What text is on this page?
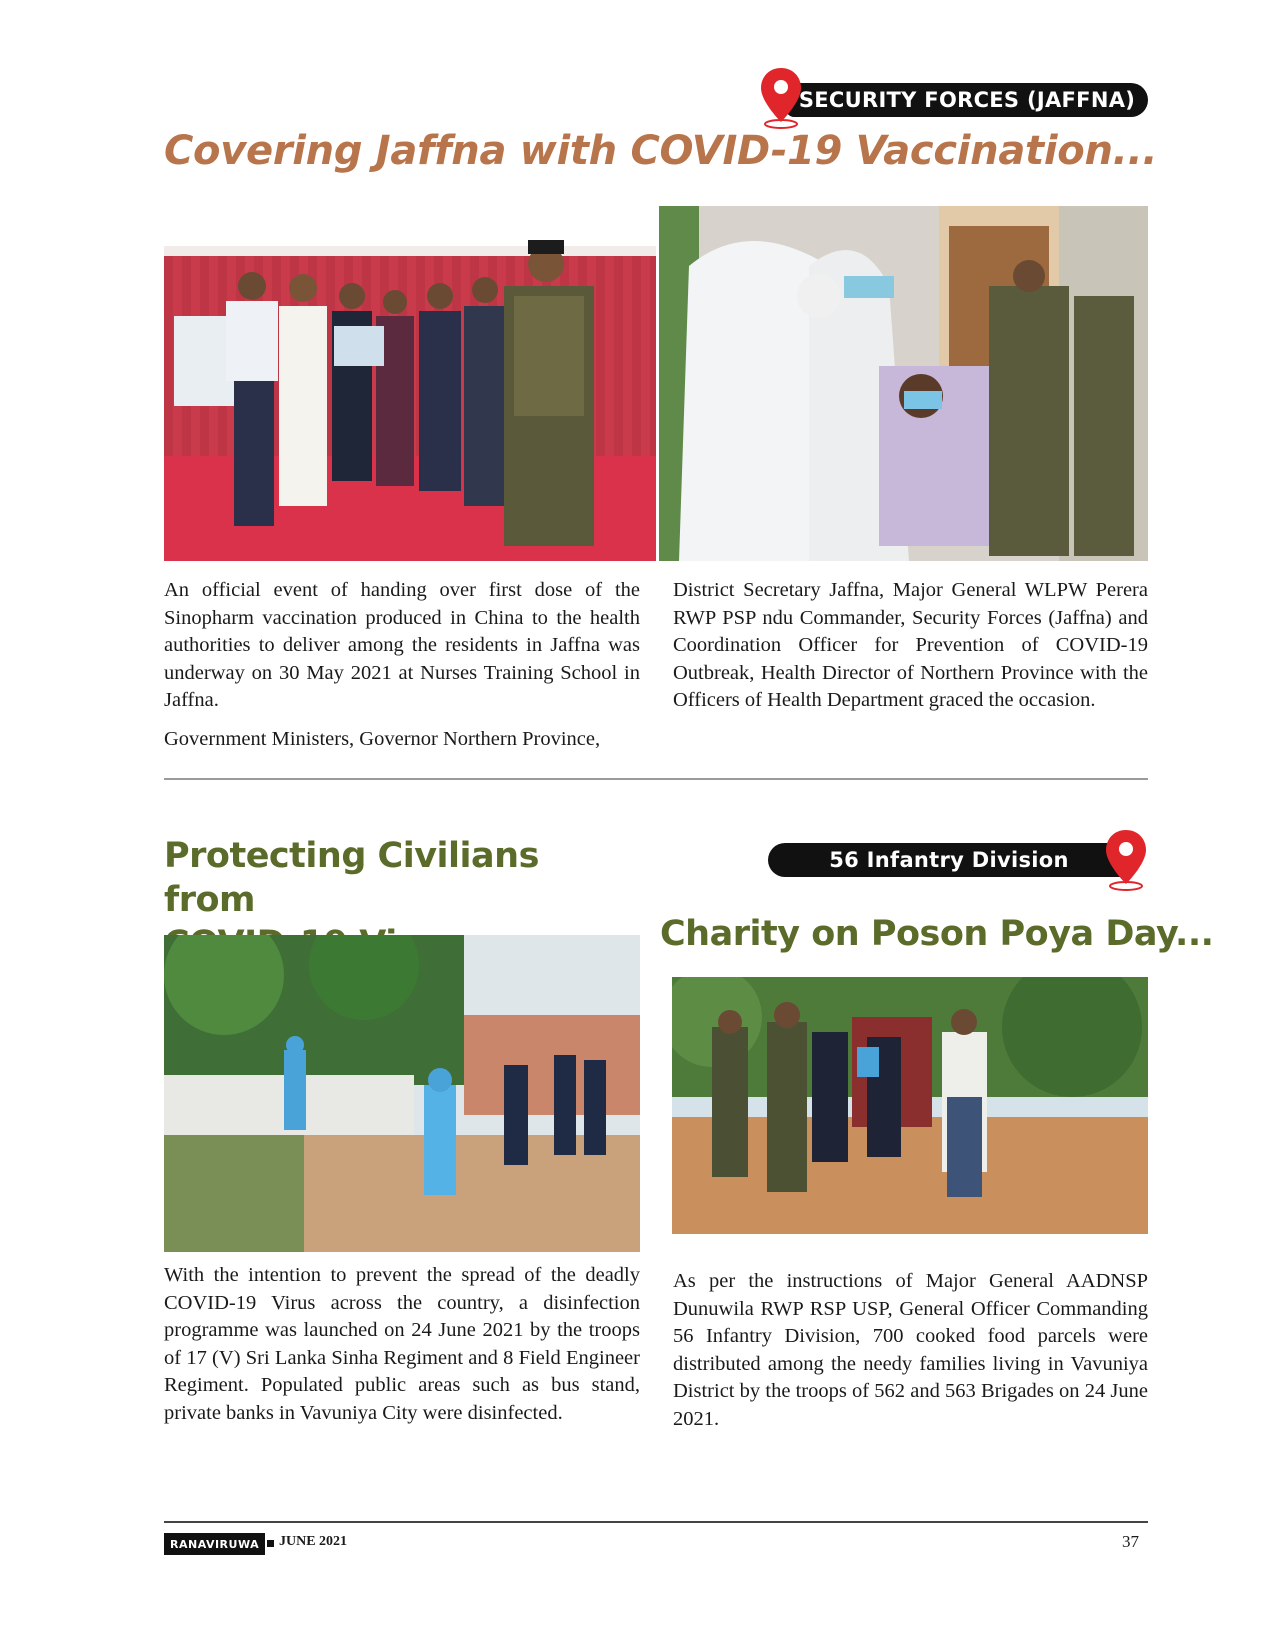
SECURITY FORCES (JAFFNA)
Covering Jaffna with COVID-19 Vaccination...

An official event of handing over first dose of the Sinopharm vaccination produced in China to the health authorities to deliver among the residents in Jaffna was underway on 30 May 2021 at Nurses Training School in Jaffna.

Government Ministers, Governor Northern Province,

District Secretary Jaffna, Major General WLPW Perera RWP PSP ndu Commander, Security Forces (Jaffna) and Coordination Officer for Prevention of COVID-19 Outbreak, Health Director of Northern Province with the Officers of Health Department graced the occasion.

Protecting Civilians from

With the intention to prevent the spread of the deadly COVID-19 Virus across the country, a disinfection programme was launched on 24 June 2021 by the troops of 17 (V) Sri Lanka Sinha Regiment and 8 Field Engineer Regiment. Populated public areas such as bus stand, private banks in Vavuniya City were disinfected.

56 Infantry Division
Charity on Poson Poya Day...

As per the instructions of Major General AADNSP Dunuwila RWP RSP USP, General Officer Commanding 56 Infantry Division, 700 cooked food parcels were distributed among the needy families living in Vavuniya District by the troops of 562 and 563 Brigades on 24 June 2021.

RANAVIRUWA	JUNE 2021	37
